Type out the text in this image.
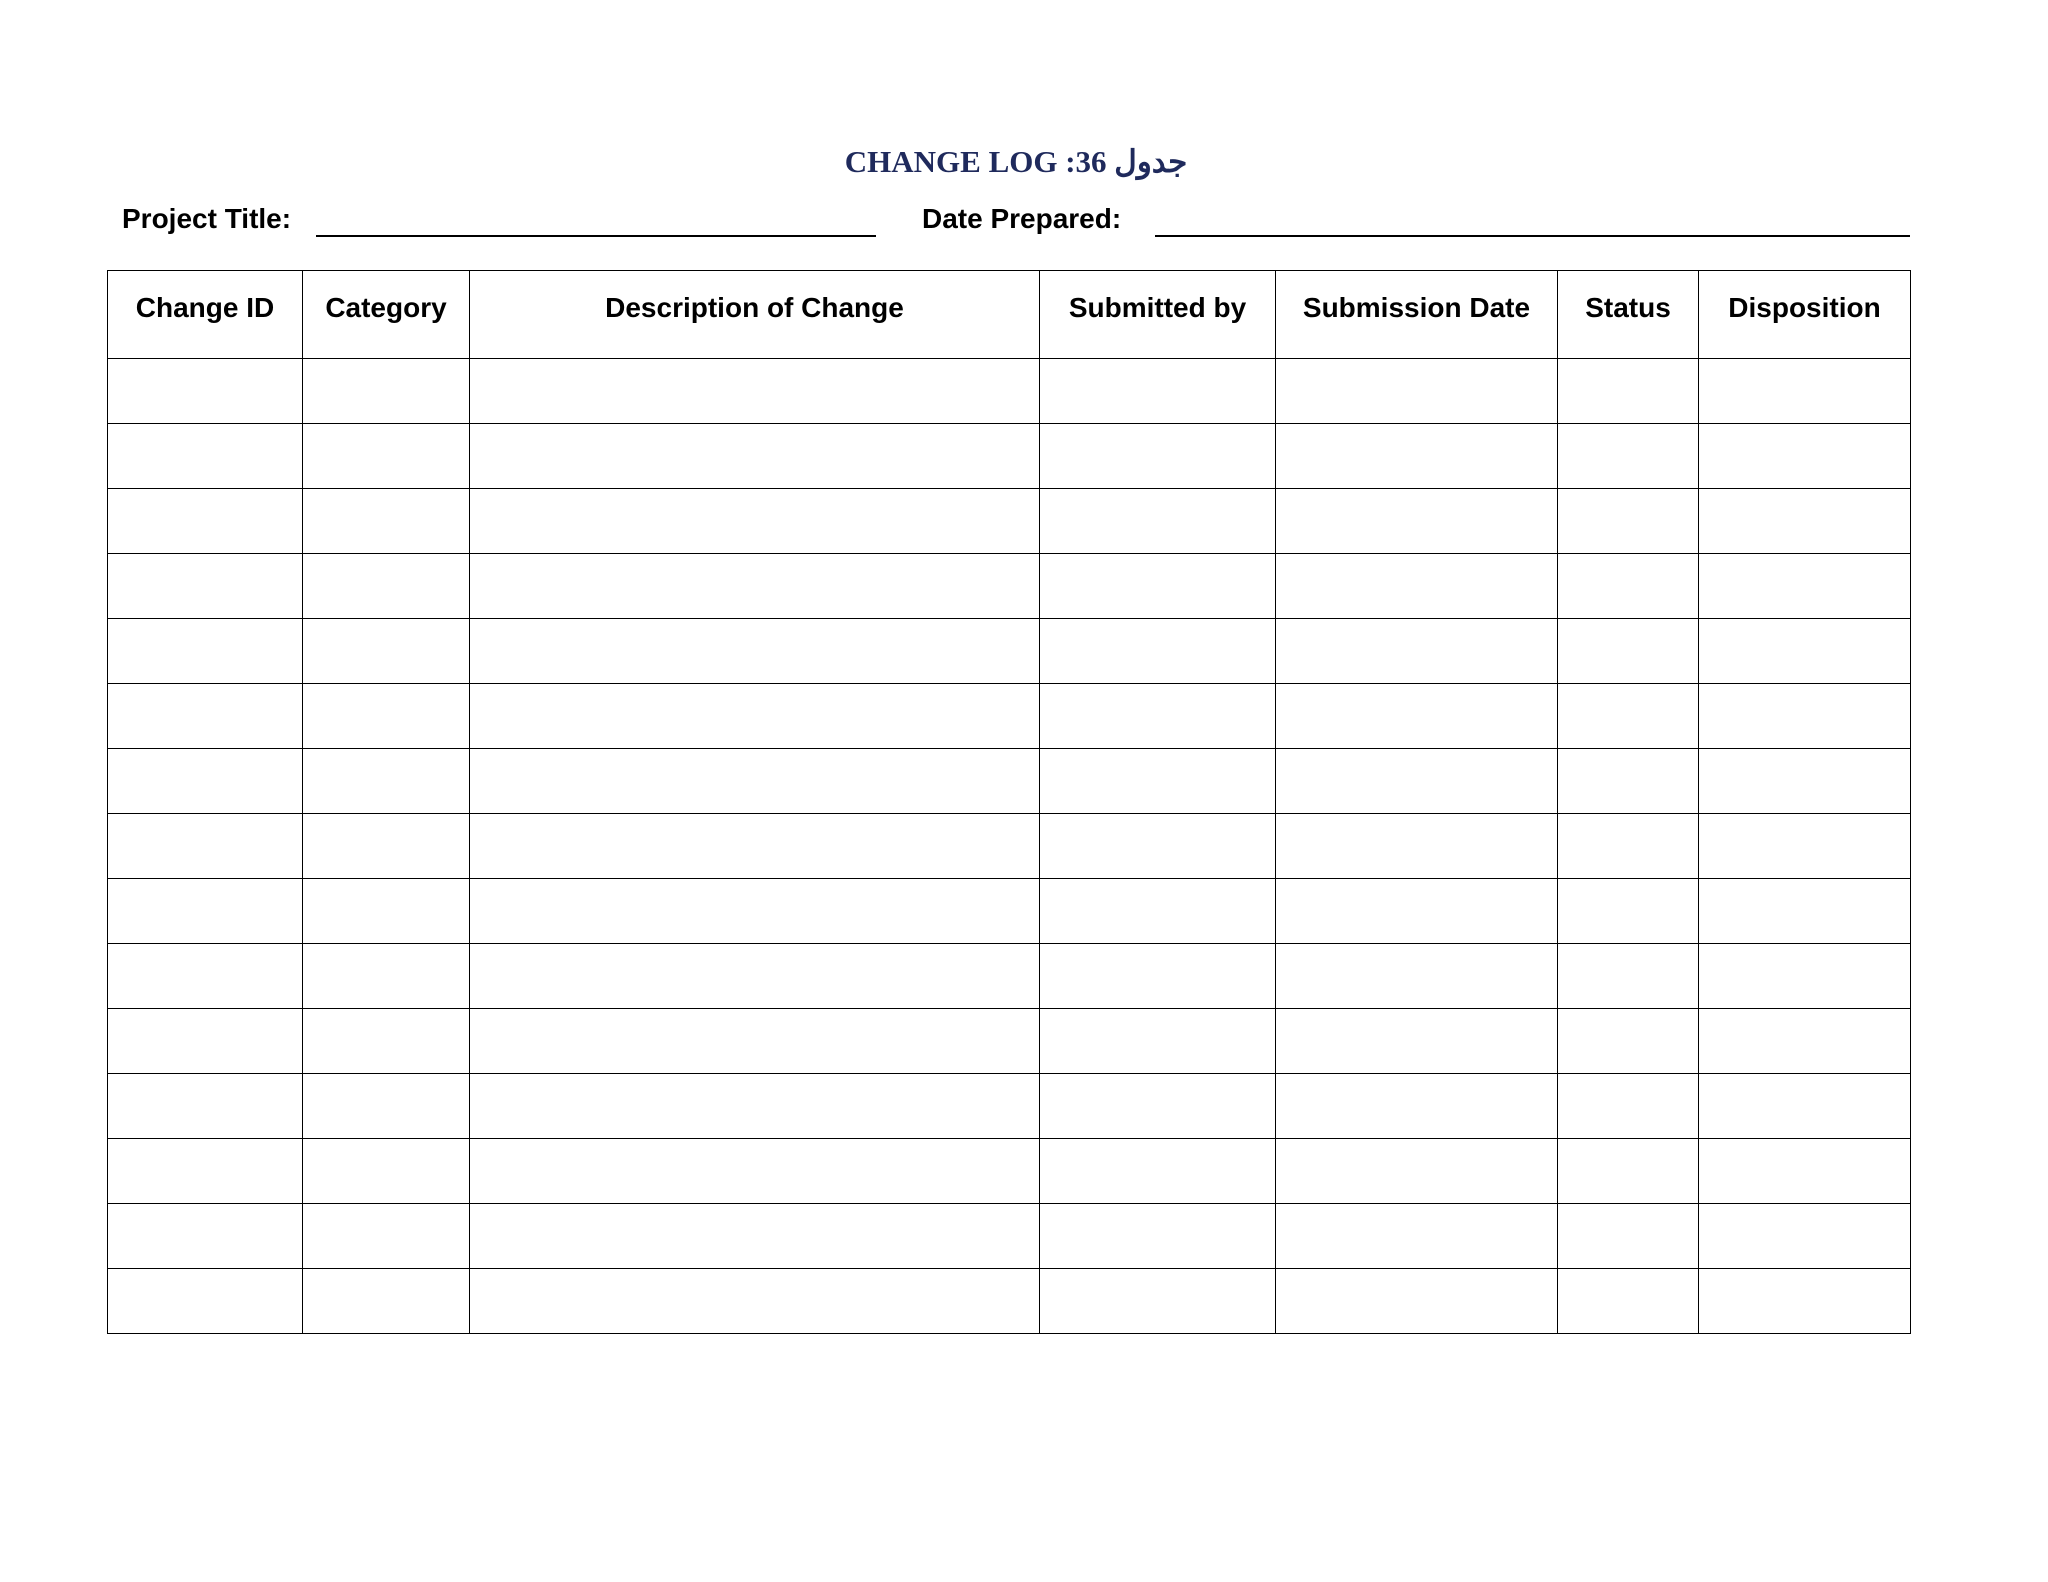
CHANGE LOG :36 جدول
Project Title:	Date Prepared:
Change ID	Category	Description of Change	Submitted by	Submission Date	Status	Disposition
